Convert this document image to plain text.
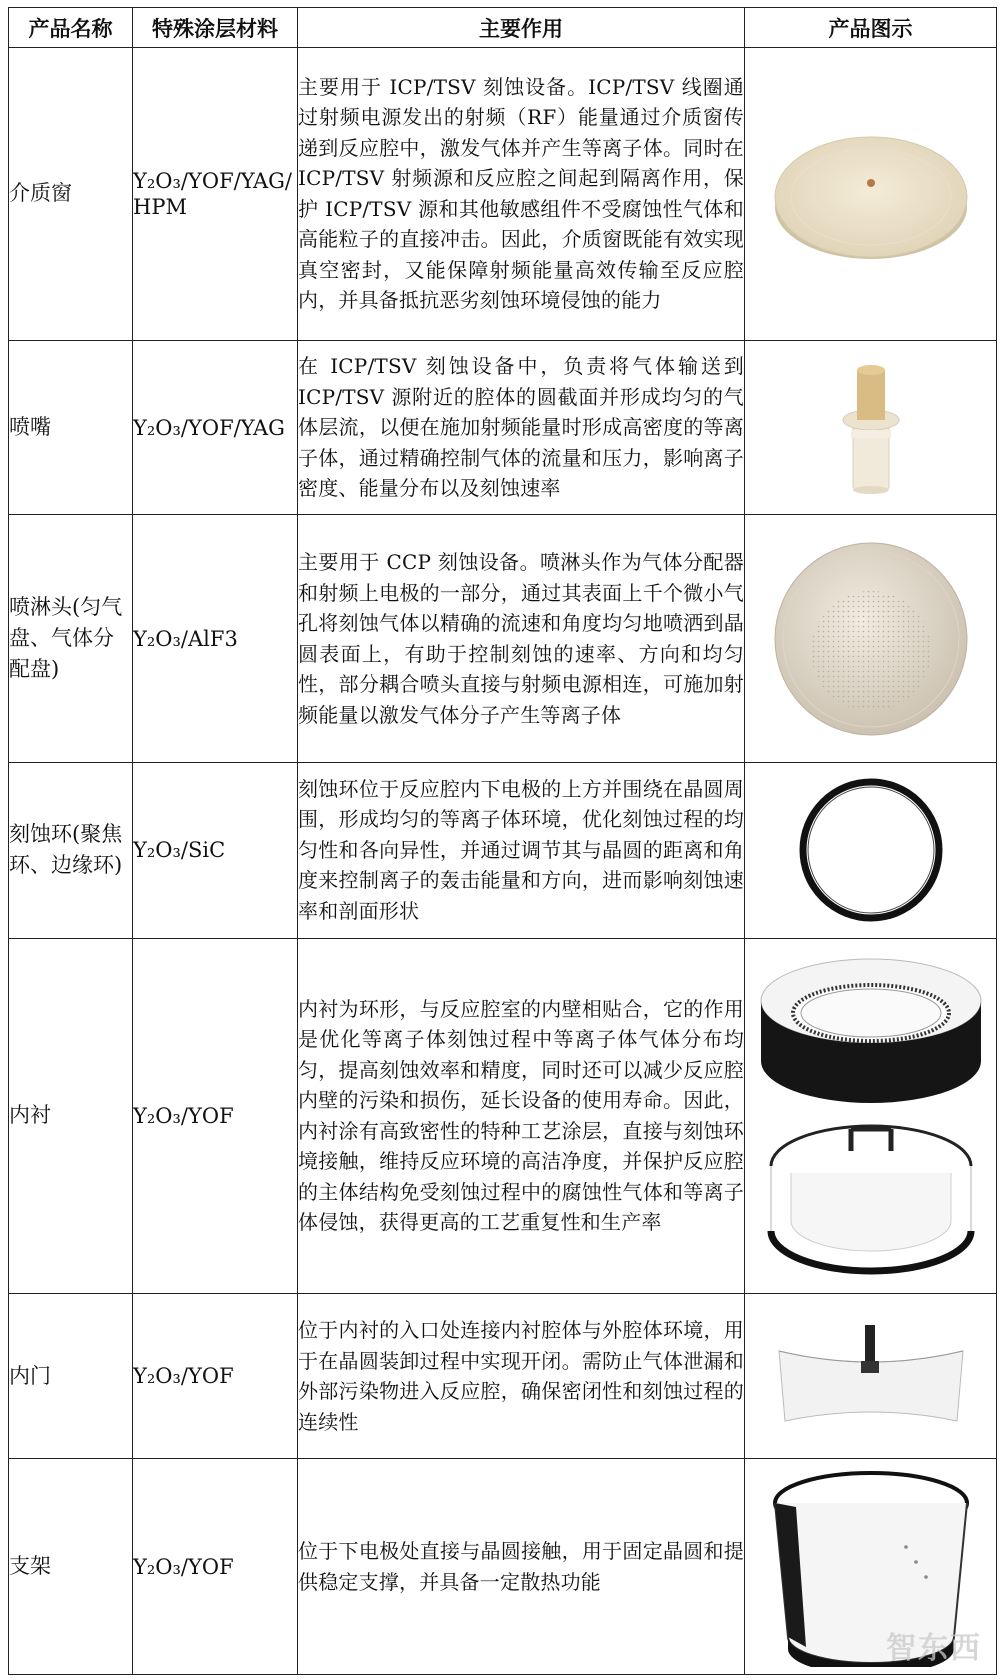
产品名称	特殊涂层材料	主要作用	产品图示
介质窗	Y₂O₃/YOF/YAG/HPM	主要用于 ICP/TSV 刻蚀设备。ICP/TSV 线圈通过射频电源发出的射频（RF）能量通过介质窗传递到反应腔中，激发气体并产生等离子体。同时在 ICP/TSV 射频源和反应腔之间起到隔离作用，保护 ICP/TSV 源和其他敏感组件不受腐蚀性气体和高能粒子的直接冲击。因此，介质窗既能有效实现真空密封，又能保障射频能量高效传输至反应腔内，并具备抵抗恶劣刻蚀环境侵蚀的能力	

喷嘴	Y₂O₃/YOF/YAG	在 ICP/TSV 刻蚀设备中，负责将气体输送到 ICP/TSV 源附近的腔体的圆截面并形成均匀的气体层流，以便在施加射频能量时形成高密度的等离子体，通过精确控制气体的流量和压力，影响离子密度、能量分布以及刻蚀速率	

喷淋头(匀气盘、气体分配盘)	Y₂O₃/AlF3	主要用于 CCP 刻蚀设备。喷淋头作为气体分配器和射频上电极的一部分，通过其表面上千个微小气孔将刻蚀气体以精确的流速和角度均匀地喷洒到晶圆表面上，有助于控制刻蚀的速率、方向和均匀性，部分耦合喷头直接与射频电源相连，可施加射频能量以激发气体分子产生等离子体	

刻蚀环(聚焦环、边缘环)	Y₂O₃/SiC	刻蚀环位于反应腔内下电极的上方并围绕在晶圆周围，形成均匀的等离子体环境，优化刻蚀过程的均匀性和各向异性，并通过调节其与晶圆的距离和角度来控制离子的轰击能量和方向，进而影响刻蚀速率和剖面形状	

内衬	Y₂O₃/YOF	内衬为环形，与反应腔室的内壁相贴合，它的作用是优化等离子体刻蚀过程中等离子体气体分布均匀，提高刻蚀效率和精度，同时还可以减少反应腔内壁的污染和损伤，延长设备的使用寿命。因此，内衬涂有高致密性的特种工艺涂层，直接与刻蚀环境接触，维持反应环境的高洁净度，并保护反应腔的主体结构免受刻蚀过程中的腐蚀性气体和等离子体侵蚀，获得更高的工艺重复性和生产率	

内门	Y₂O₃/YOF	位于内衬的入口处连接内衬腔体与外腔体环境，用于在晶圆装卸过程中实现开闭。需防止气体泄漏和外部污染物进入反应腔，确保密闭性和刻蚀过程的连续性	

支架	Y₂O₃/YOF	位于下电极处直接与晶圆接触，用于固定晶圆和提供稳定支撑，并具备一定散热功能	
智东西
